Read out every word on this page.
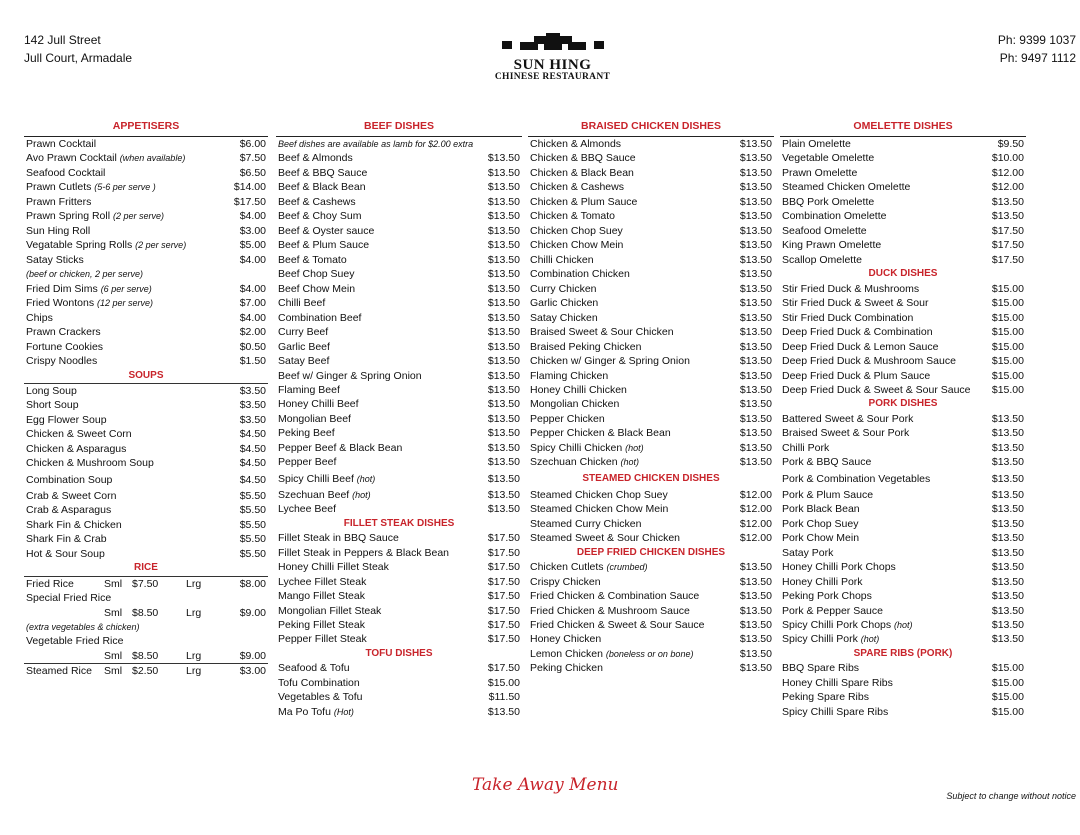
142 Jull Street
Jull Court, Armadale	SUN HING
CHINESE RESTAURANT
Ph: 9399 1037
Ph: 9497 1112
APPETISERS
Prawn Cocktail	$6.00
Avo Prawn Cocktail (when available)	$7.50
Seafood Cocktail	$6.50
Prawn Cutlets (5-6 per serve )	$14.00
Prawn Fritters	$17.50
Prawn Spring Roll (2 per serve)	$4.00
Sun Hing Roll	$3.00
Vegatable Spring Rolls (2 per serve)	$5.00
Satay Sticks	$4.00
(beef or chicken, 2 per serve)
Fried Dim Sims (6 per serve)	$4.00
Fried Wontons (12 per serve)	$7.00
Chips	$4.00
Prawn Crackers	$2.00
Fortune Cookies	$0.50
Crispy Noodles	$1.50
SOUPS
Long Soup	$3.50
Short Soup	$3.50
Egg Flower Soup	$3.50
Chicken & Sweet Corn	$4.50
Chicken & Asparagus	$4.50
Chicken & Mushroom Soup	$4.50
Combination Soup	$4.50
Crab & Sweet Corn	$5.50
Crab & Asparagus	$5.50
Shark Fin & Chicken	$5.50
Shark Fin & Crab	$5.50
Hot & Sour Soup	$5.50
RICE
Fried Rice	Sml $7.50	Lrg	$8.00
Special Fried Rice
Sml $8.50	Lrg	$9.00
(extra vegetables & chicken)
Vegetable Fried Rice
Sml $8.50	Lrg	$9.00
Steamed Rice Sml $2.50	Lrg	$3.00
BEEF DISHES
Beef dishes are available as lamb for $2.00 extra
Beef & Almonds	$13.50
Beef & BBQ Sauce	$13.50
Beef & Black Bean	$13.50
Beef & Cashews	$13.50
Beef & Choy Sum	$13.50
Beef & Oyster sauce	$13.50
Beef & Plum Sauce	$13.50
Beef & Tomato	$13.50
Beef Chop Suey	$13.50
Beef Chow Mein	$13.50
Chilli Beef	$13.50
Combination Beef	$13.50
Curry Beef	$13.50
Garlic Beef	$13.50
Satay Beef	$13.50
Beef w/ Ginger & Spring Onion	$13.50
Flaming Beef	$13.50
Honey Chilli Beef	$13.50
Mongolian Beef	$13.50
Peking Beef	$13.50
Pepper Beef & Black Bean	$13.50
Pepper Beef	$13.50
Spicy Chilli Beef (hot)	$13.50
Szechuan Beef (hot)	$13.50
Lychee Beef	$13.50
FILLET STEAK DISHES
Fillet Steak in BBQ Sauce	$17.50
Fillet Steak in Peppers & Black Bean	$17.50
Honey Chilli Fillet Steak	$17.50
Lychee Fillet Steak	$17.50
Mango Fillet Steak	$17.50
Mongolian Fillet Steak	$17.50
Peking Fillet Steak	$17.50
Pepper Fillet Steak	$17.50
TOFU DISHES
Seafood & Tofu	$17.50
Tofu Combination	$15.00
Vegetables & Tofu	$11.50
Ma Po Tofu (Hot)	$13.50
BRAISED CHICKEN DISHES
Chicken & Almonds	$13.50
Chicken & BBQ Sauce	$13.50
Chicken & Black Bean	$13.50
Chicken & Cashews	$13.50
Chicken & Plum Sauce	$13.50
Chicken & Tomato	$13.50
Chicken Chop Suey	$13.50
Chicken Chow Mein	$13.50
Chilli Chicken	$13.50
Combination Chicken	$13.50
Curry Chicken	$13.50
Garlic Chicken	$13.50
Satay Chicken	$13.50
Braised Sweet & Sour Chicken	$13.50
Braised Peking Chicken	$13.50
Chicken w/ Ginger & Spring Onion	$13.50
Flaming Chicken	$13.50
Honey Chilli Chicken	$13.50
Mongolian Chicken	$13.50
Pepper Chicken	$13.50
Pepper Chicken & Black Bean	$13.50
Spicy Chilli Chicken (hot)	$13.50
Szechuan Chicken (hot)	$13.50
STEAMED CHICKEN DISHES
Steamed Chicken Chop Suey	$12.00
Steamed Chicken Chow Mein	$12.00
Steamed Curry Chicken	$12.00
Steamed Sweet & Sour Chicken	$12.00
DEEP FRIED CHICKEN DISHES
Chicken Cutlets (crumbed)	$13.50
Crispy Chicken	$13.50
Fried Chicken & Combination Sauce	$13.50
Fried Chicken & Mushroom Sauce	$13.50
Fried Chicken & Sweet & Sour Sauce	$13.50
Honey Chicken	$13.50
Lemon Chicken (boneless or on bone)	$13.50
Peking Chicken	$13.50
OMELETTE DISHES
Plain Omelette	$9.50
Vegetable Omelette	$10.00
Prawn Omelette	$12.00
Steamed Chicken Omelette	$12.00
BBQ Pork Omelette	$13.50
Combination Omelette	$13.50
Seafood Omelette	$17.50
King Prawn Omelette	$17.50
Scallop Omelette	$17.50
DUCK DISHES
Stir Fried Duck & Mushrooms	$15.00
Stir Fried Duck & Sweet & Sour	$15.00
Stir Fried Duck Combination	$15.00
Deep Fried Duck & Combination	$15.00
Deep Fried Duck & Lemon Sauce	$15.00
Deep Fried Duck & Mushroom Sauce	$15.00
Deep Fried Duck & Plum Sauce	$15.00
Deep Fried Duck & Sweet & Sour Sauce $15.00
PORK DISHES
Battered Sweet & Sour Pork	$13.50
Braised Sweet & Sour Pork	$13.50
Chilli Pork	$13.50
Pork & BBQ Sauce	$13.50
Pork & Combination Vegetables	$13.50
Pork & Plum Sauce	$13.50
Pork Black Bean	$13.50
Pork Chop Suey	$13.50
Pork Chow Mein	$13.50
Satay Pork	$13.50
Honey Chilli Pork Chops	$13.50
Honey Chilli Pork	$13.50
Peking Pork Chops	$13.50
Pork & Pepper Sauce	$13.50
Spicy Chilli Pork Chops (hot)	$13.50
Spicy Chilli Pork (hot)	$13.50
SPARE RIBS (PORK)
BBQ Spare Ribs	$15.00
Honey Chilli Spare Ribs	$15.00
Peking Spare Ribs	$15.00
Spicy Chilli Spare Ribs	$15.00
Take Away Menu
Subject to change without notice
